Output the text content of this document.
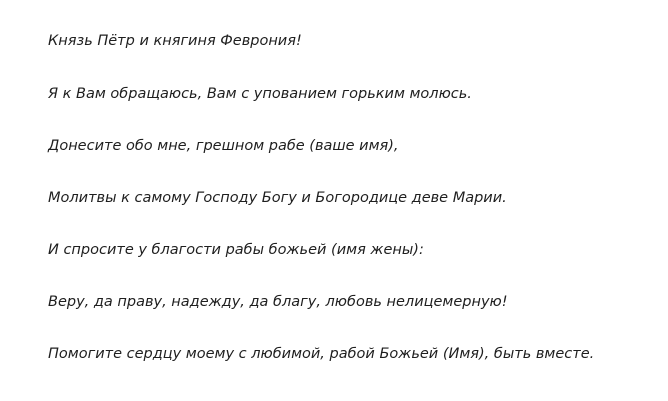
Князь Пётр и княгиня Феврония!

Я к Вам обращаюсь, Вам с упованием горьким молюсь.

Донесите обо мне, грешном рабе (ваше имя),

Молитвы к самому Господу Богу и Богородице деве Марии.

И спросите у благости рабы божьей (имя жены):

Веру, да праву, надежду, да благу, любовь нелицемерную!

Помогите сердцу моему с любимой, рабой Божьей (Имя), быть вместе.
